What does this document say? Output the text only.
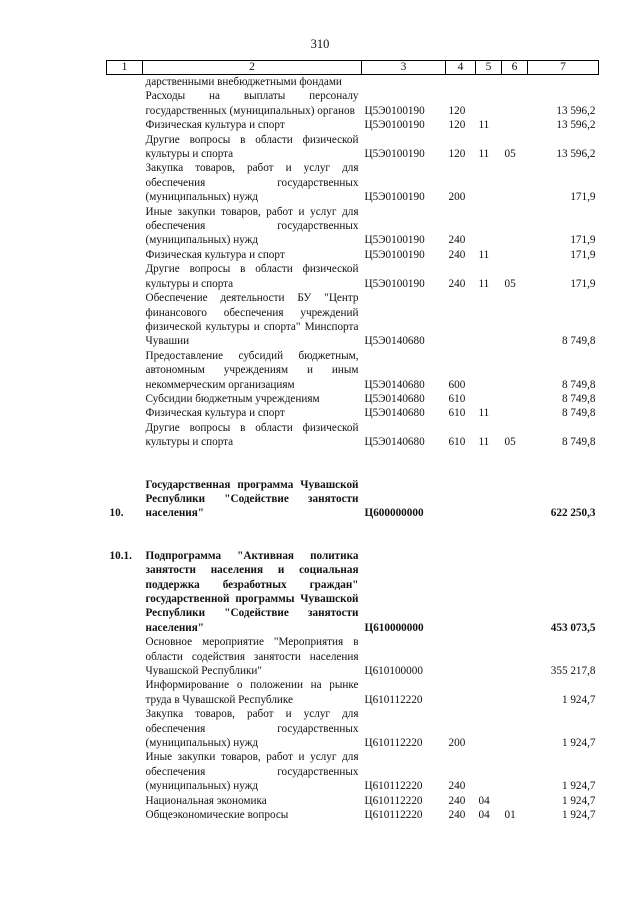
310
1	2	3	4	5	6	7
	дарственными внебюджетными фондами					
	Расходы на выплаты персоналу государственных (муниципальных) органов	Ц5Э0100190	120			13 596,2
	Физическая культура и спорт	Ц5Э0100190	120	11		13 596,2
	Другие вопросы в области физической культуры и спорта	Ц5Э0100190	120	11	05	13 596,2
	Закупка товаров, работ и услуг для обеспечения государственных (муниципальных) нужд	Ц5Э0100190	200			171,9
	Иные закупки товаров, работ и услуг для обеспечения государственных (муниципальных) нужд	Ц5Э0100190	240			171,9
	Физическая культура и спорт	Ц5Э0100190	240	11		171,9
	Другие вопросы в области физической культуры и спорта	Ц5Э0100190	240	11	05	171,9
	Обеспечение деятельности БУ "Центр финансового обеспечения учреждений физической культуры и спорта" Минспорта Чувашии	Ц5Э0140680				8 749,8
	Предоставление субсидий бюджетным, автономным учреждениям и иным некоммерческим организациям	Ц5Э0140680	600			8 749,8
	Субсидии бюджетным учреждениям	Ц5Э0140680	610			8 749,8
	Физическая культура и спорт	Ц5Э0140680	610	11		8 749,8
	Другие вопросы в области физической культуры и спорта	Ц5Э0140680	610	11	05	8 749,8

10.	Государственная программа Чувашской Республики "Содействие занятости населения"	Ц600000000				622 250,3

10.1.	Подпрограмма "Активная политика занятости населения и социальная поддержка безработных граждан" государственной программы Чувашской Республики "Содействие занятости населения"	Ц610000000				453 073,5
	Основное мероприятие "Мероприятия в области содействия занятости населения Чувашской Республики"	Ц610100000				355 217,8
	Информирование о положении на рынке труда в Чувашской Республике	Ц610112220				1 924,7
	Закупка товаров, работ и услуг для обеспечения государственных (муниципальных) нужд	Ц610112220	200			1 924,7
	Иные закупки товаров, работ и услуг для обеспечения государственных (муниципальных) нужд	Ц610112220	240			1 924,7
	Национальная экономика	Ц610112220	240	04		1 924,7
	Общеэкономические вопросы	Ц610112220	240	04	01	1 924,7
